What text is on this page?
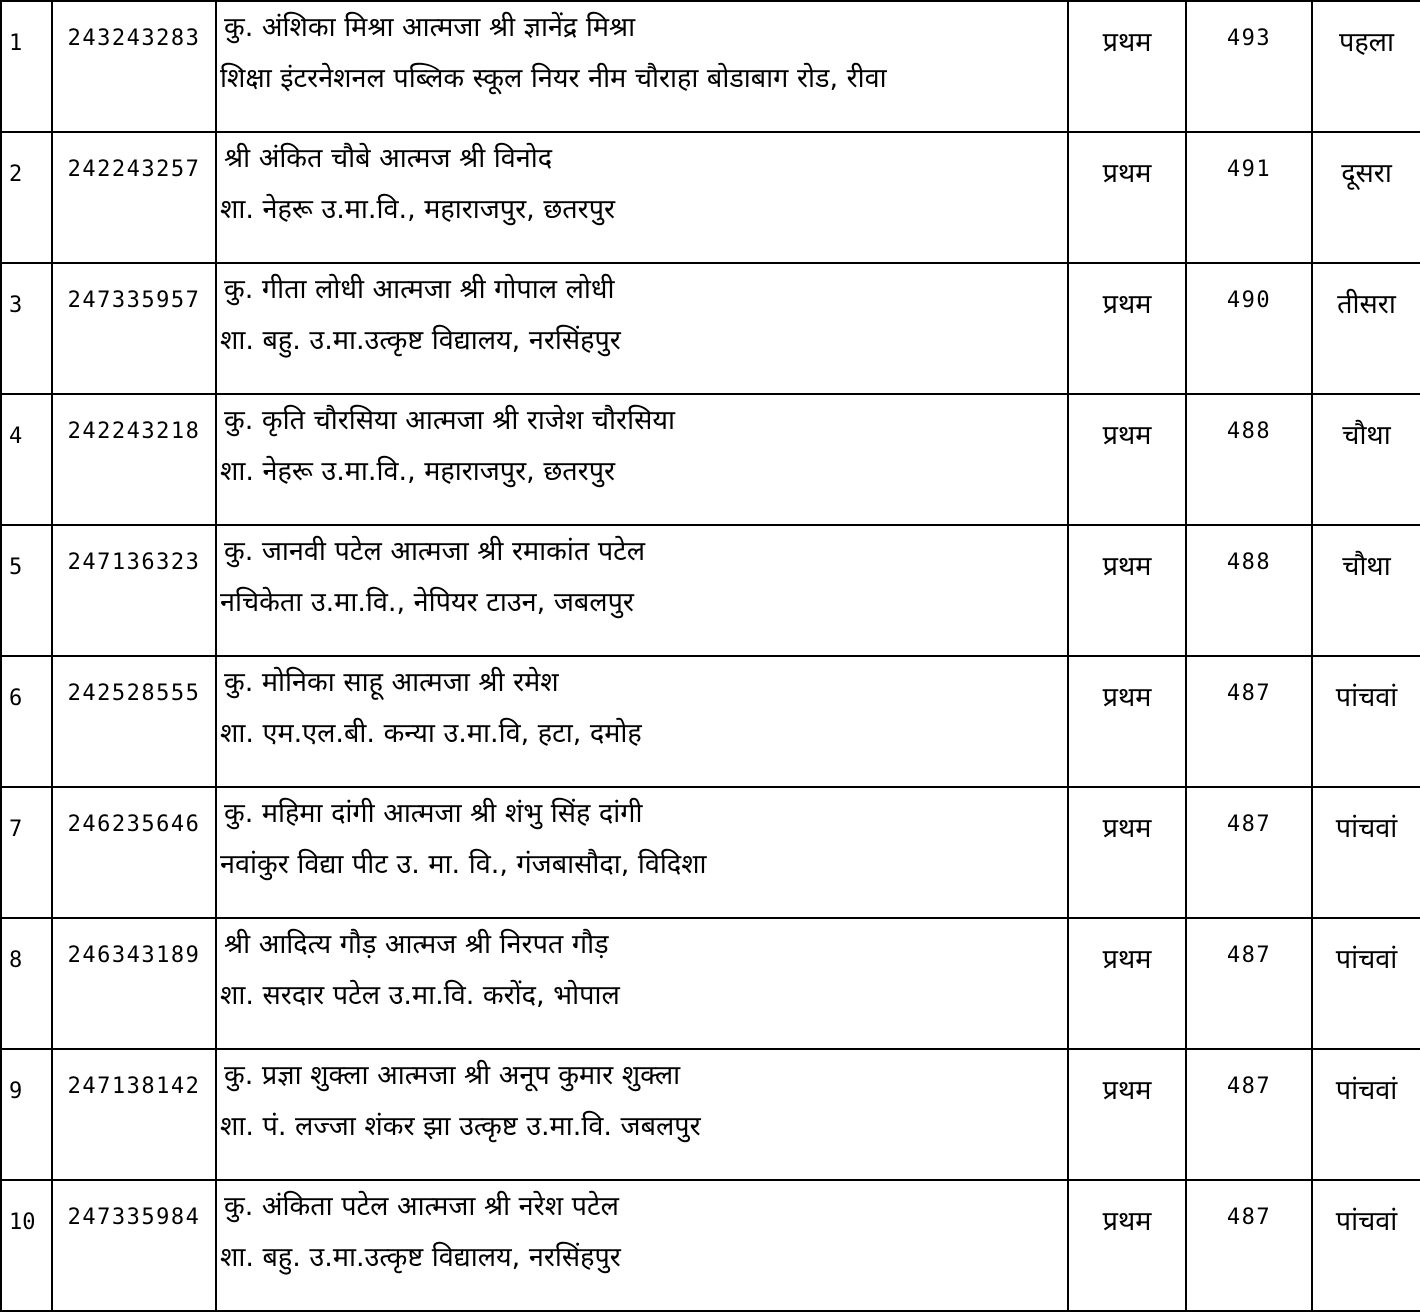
1	243243283	कु. अंशिका मिश्रा आत्मजा श्री ज्ञानेंद्र मिश्रा
शिक्षा इंटरनेशनल पब्लिक स्कूल नियर नीम चौराहा बोडाबाग रोड, रीवा	प्रथम	493	पहला
2	242243257	श्री अंकित चौबे आत्मज श्री विनोद
शा. नेहरू उ.मा.वि., महाराजपुर, छतरपुर	प्रथम	491	दूसरा
3	247335957	कु. गीता लोधी आत्मजा श्री गोपाल लोधी
शा. बहु. उ.मा.उत्कृष्ट विद्यालय, नरसिंहपुर	प्रथम	490	तीसरा
4	242243218	कु. कृति चौरसिया आत्मजा श्री राजेश चौरसिया
शा. नेहरू उ.मा.वि., महाराजपुर, छतरपुर	प्रथम	488	चौथा
5	247136323	कु. जानवी पटेल आत्मजा श्री रमाकांत पटेल
नचिकेता उ.मा.वि., नेपियर टाउन, जबलपुर	प्रथम	488	चौथा
6	242528555	कु. मोनिका साहू आत्मजा श्री रमेश
शा. एम.एल.बी. कन्या उ.मा.वि, हटा, दमोह	प्रथम	487	पांचवां
7	246235646	कु. महिमा दांगी आत्मजा श्री शंभु सिंह दांगी
नवांकुर विद्या पीट उ. मा. वि., गंजबासौदा, विदिशा	प्रथम	487	पांचवां
8	246343189	श्री आदित्य गौड़ आत्मज श्री निरपत गौड़
शा. सरदार पटेल उ.मा.वि. करोंद, भोपाल	प्रथम	487	पांचवां
9	247138142	कु. प्रज्ञा शुक्ला आत्मजा श्री अनूप कुमार शुक्ला
शा. पं. लज्जा शंकर झा उत्कृष्ट उ.मा.वि. जबलपुर	प्रथम	487	पांचवां
10	247335984	कु. अंकिता पटेल आत्मजा श्री नरेश पटेल
शा. बहु. उ.मा.उत्कृष्ट विद्यालय, नरसिंहपुर	प्रथम	487	पांचवां
